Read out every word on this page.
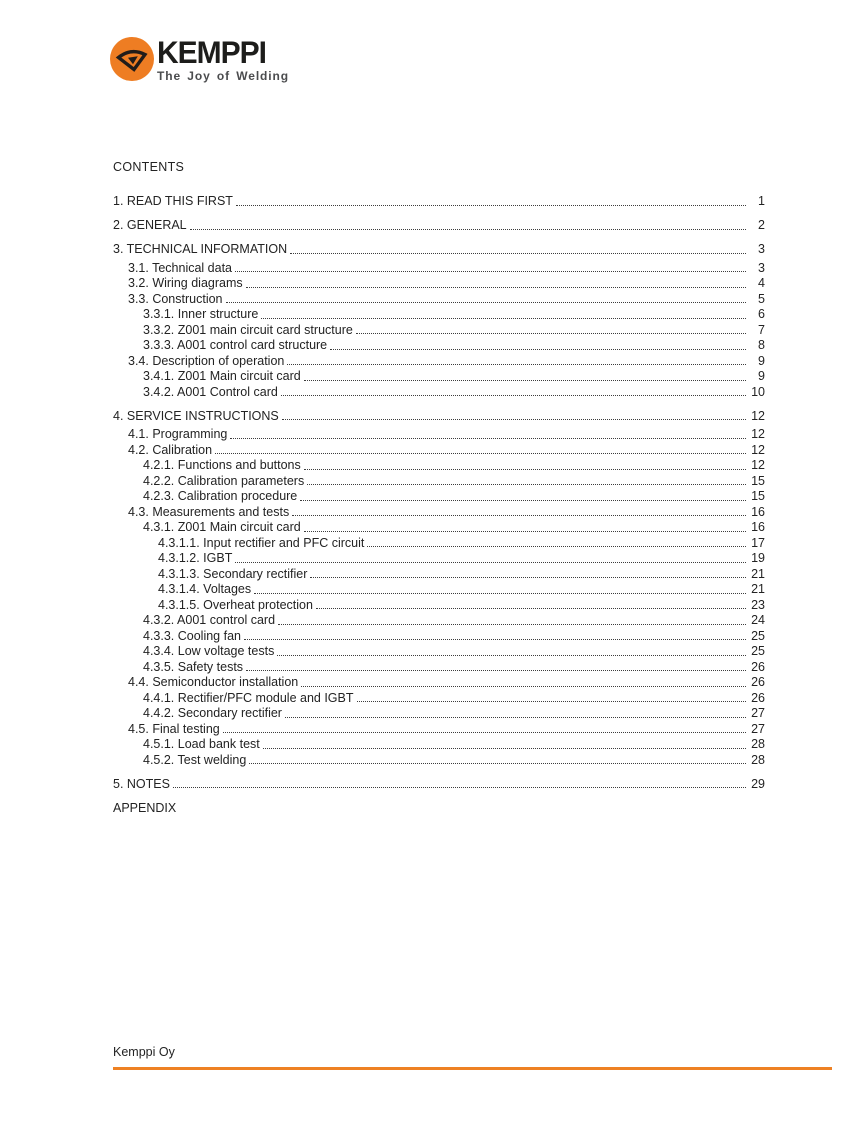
KEMPPI
The Joy of Welding
CONTENTS
1. READ THIS FIRST	1
2. GENERAL	2
3. TECHNICAL INFORMATION	3
3.1. Technical data	3
3.2. Wiring diagrams	4
3.3. Construction	5
3.3.1. Inner structure	6
3.3.2. Z001 main circuit card structure	7
3.3.3. A001 control card structure	8
3.4. Description of operation	9
3.4.1. Z001 Main circuit card	9
3.4.2. A001 Control card	10
4. SERVICE INSTRUCTIONS	12
4.1. Programming	12
4.2. Calibration	12
4.2.1. Functions and buttons	12
4.2.2. Calibration parameters	15
4.2.3. Calibration procedure	15
4.3. Measurements and tests	16
4.3.1. Z001 Main circuit card	16
4.3.1.1. Input rectifier and PFC circuit	17
4.3.1.2. IGBT	19
4.3.1.3. Secondary rectifier	21
4.3.1.4. Voltages	21
4.3.1.5. Overheat protection	23
4.3.2. A001 control card	24
4.3.3. Cooling fan	25
4.3.4. Low voltage tests	25
4.3.5. Safety tests	26
4.4. Semiconductor installation	26
4.4.1. Rectifier/PFC module and IGBT	26
4.4.2. Secondary rectifier	27
4.5. Final testing	27
4.5.1. Load bank test	28
4.5.2. Test welding	28
5. NOTES	29
APPENDIX
Kemppi Oy
